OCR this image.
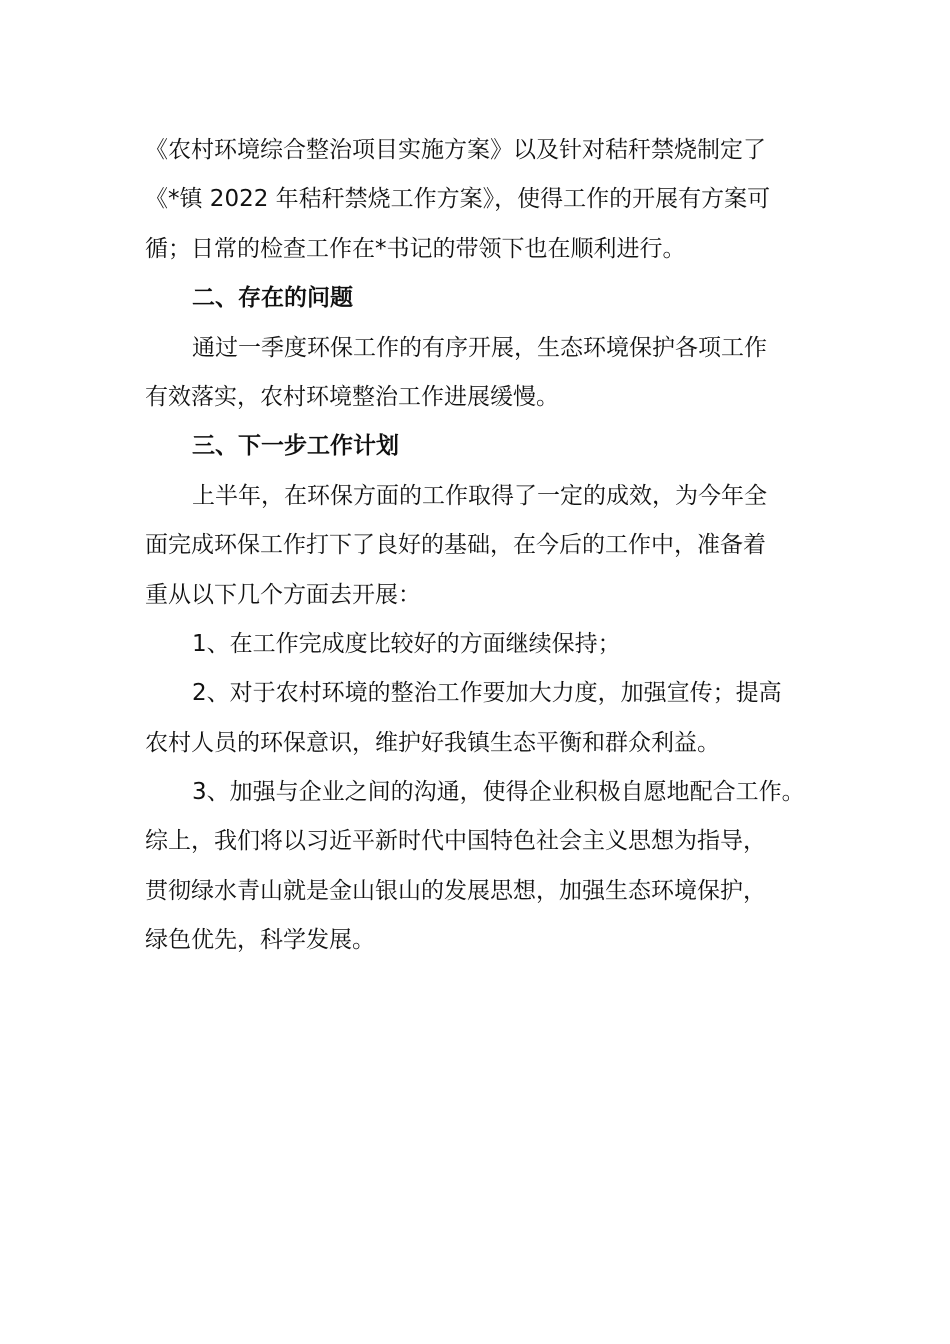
《农村环境综合整治项目实施方案》以及针对秸秆禁烧制定了
《*镇 2022 年秸秆禁烧工作方案》，使得工作的开展有方案可
循；日常的检查工作在*书记的带领下也在顺利进行。
二、存在的问题
通过一季度环保工作的有序开展，生态环境保护各项工作
有效落实，农村环境整治工作进展缓慢。
三、下一步工作计划
上半年，在环保方面的工作取得了一定的成效，为今年全
面完成环保工作打下了良好的基础，在今后的工作中，准备着
重从以下几个方面去开展：
1、在工作完成度比较好的方面继续保持；
2、对于农村环境的整治工作要加大力度，加强宣传；提高
农村人员的环保意识，维护好我镇生态平衡和群众利益。
3、加强与企业之间的沟通，使得企业积极自愿地配合工作。
综上，我们将以习近平新时代中国特色社会主义思想为指导，
贯彻绿水青山就是金山银山的发展思想，加强生态环境保护，
绿色优先，科学发展。
